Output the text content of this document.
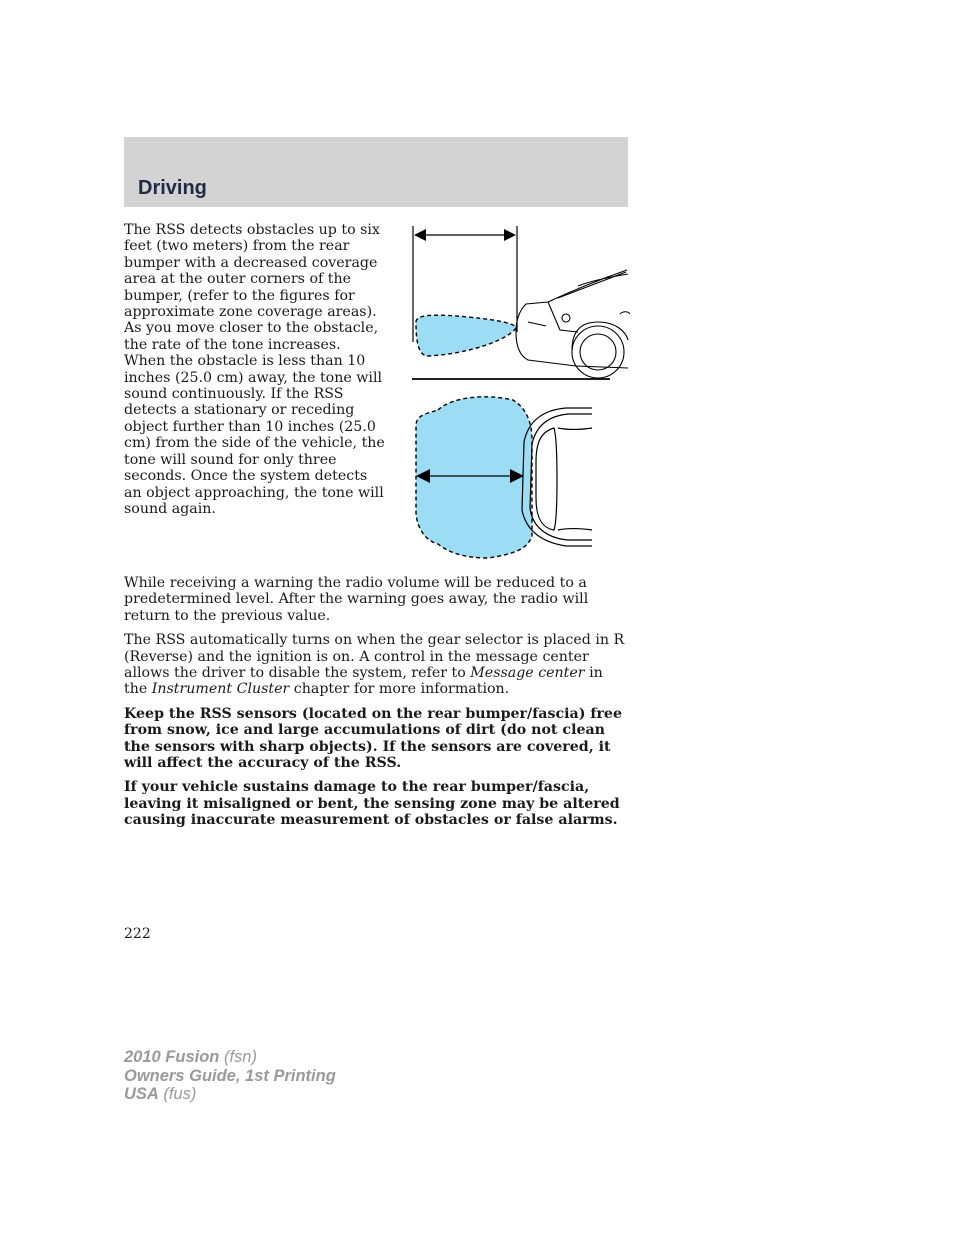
Driving

The RSS detects obstacles up to six feet (two meters) from the rear bumper with a decreased coverage area at the outer corners of the bumper, (refer to the figures for approximate zone coverage areas). As you move closer to the obstacle, the rate of the tone increases. When the obstacle is less than 10 inches (25.0 cm) away, the tone will sound continuously. If the RSS detects a stationary or receding object further than 10 inches (25.0 cm) from the side of the vehicle, the tone will sound for only three seconds. Once the system detects an object approaching, the tone will sound again.

While receiving a warning the radio volume will be reduced to a predetermined level. After the warning goes away, the radio will return to the previous value.

The RSS automatically turns on when the gear selector is placed in R (Reverse) and the ignition is on. A control in the message center allows the driver to disable the system, refer to Message center in the Instrument Cluster chapter for more information.

Keep the RSS sensors (located on the rear bumper/fascia) free from snow, ice and large accumulations of dirt (do not clean the sensors with sharp objects). If the sensors are covered, it will affect the accuracy of the RSS.

If your vehicle sustains damage to the rear bumper/fascia, leaving it misaligned or bent, the sensing zone may be altered causing inaccurate measurement of obstacles or false alarms.

222
2010 Fusion (fsn)
Owners Guide, 1st Printing
USA (fus)
